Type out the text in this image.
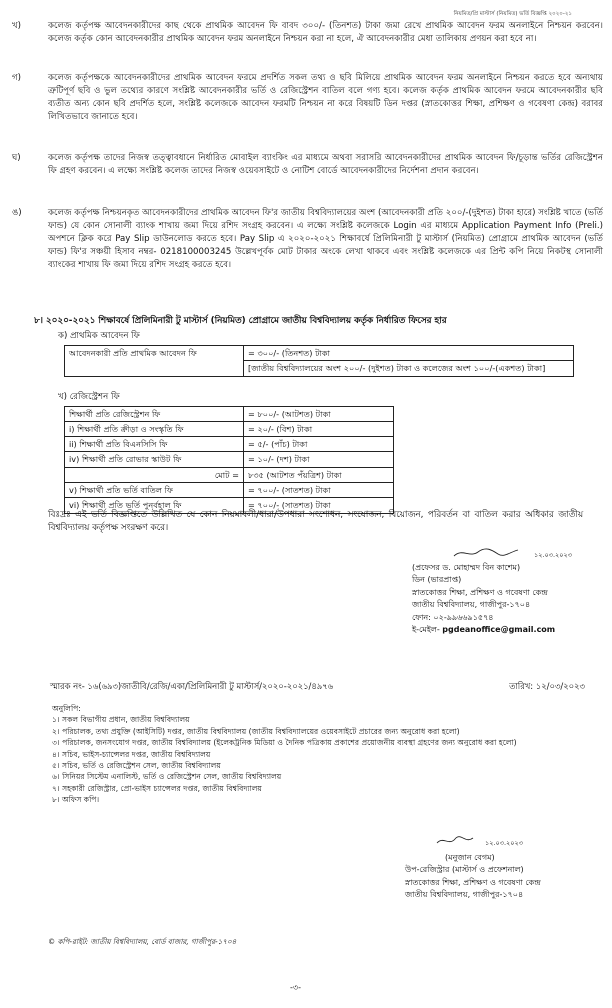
নিয়মিত/প্রি মাস্টার্স (নিয়মিত) ভর্তি বিজ্ঞপ্তি ২০২০-২১
খ)	কলেজ কর্তৃপক্ষ আবেদনকারীদের কাছ থেকে প্রাথমিক আবেদন ফি বাবদ ৩০০/- (তিনশত) টাকা জমা রেখে প্রাথমিক আবেদন ফরম অনলাইনে নিশ্চয়ন করবেন। কলেজ কর্তৃক কোন আবেদনকারীর প্রাথমিক আবেদন ফরম অনলাইনে নিশ্চয়ন করা না হলে, ঐ আবেদনকারীর মেধা তালিকায় প্রণয়ন করা হবে না।
গ)	কলেজ কর্তৃপক্ষকে আবেদনকারীদের প্রাথমিক আবেদন ফরমে প্রদর্শিত সকল তথ্য ও ছবি মিলিয়ে প্রাথমিক আবেদন ফরম অনলাইনে নিশ্চয়ন করতে হবে অন্যথায় ত্রুটিপূর্ণ ছবি ও ভুল তথ্যের কারণে সংশ্লিষ্ট আবেদনকারীর ভর্তি ও রেজিস্ট্রেশন বাতিল বলে গণ্য হবে। কলেজ কর্তৃক প্রাথমিক আবেদন ফরমে আবেদনকারীর ছবি ব্যতীত অন্য কোন ছবি প্রদর্শিত হলে, সংশ্লিষ্ট কলেজকে আবেদন ফরমটি নিশ্চয়ন না করে বিষয়টি ডিন দপ্তর (স্নাতকোত্তর শিক্ষা, প্রশিক্ষণ ও গবেষণা কেন্দ্র) বরাবর লিখিতভাবে জানাতে হবে।
ঘ)	কলেজ কর্তৃপক্ষ তাদের নিজস্ব তত্ত্বাবধানে নির্ধারিত মোবাইল ব্যাংকিং এর মাধ্যমে অথবা সরাসরি আবেদনকারীদের প্রাথমিক আবেদন ফি/চূড়ান্ত ভর্তির রেজিস্ট্রেশন ফি গ্রহণ করবেন। এ লক্ষ্যে সংশ্লিষ্ট কলেজ তাদের নিজস্ব ওয়েবসাইটে ও নোটিশ বোর্ডে আবেদনকারীদের নির্দেশনা প্রদান করবেন।
ঙ)	কলেজ কর্তৃপক্ষ নিশ্চয়নকৃত আবেদনকারীদের প্রাথমিক আবেদন ফি'র জাতীয় বিশ্ববিদ্যালয়ের অংশ (আবেদনকারী প্রতি ২০০/-(দুইশত) টাকা হারে) সংশ্লিষ্ট খাতে (ভর্তি ফান্ড) যে কোন সোনালী ব্যাংক শাখায় জমা দিয়ে রশিদ সংগ্রহ করবেন। এ লক্ষ্যে সংশ্লিষ্ট কলেজকে Login এর মাধ্যমে Application Payment Info (Preli.) অপশনে ক্লিক করে Pay Slip ডাউনলোড করতে হবে। Pay Slip এ ২০২০-২০২১ শিক্ষাবর্ষে প্রিলিমিনারী টু মাস্টার্স (নিয়মিত) প্রোগ্রামে প্রাথমিক আবেদন (ভর্তি ফান্ড) ফি'র সঞ্চয়ী হিসাব নম্বর- 0218100003245 উল্লেখপূর্বক মোট টাকার অংকে লেখা থাকবে এবং সংশ্লিষ্ট কলেজকে এর প্রিন্ট কপি নিয়ে নিকটস্থ সোনালী ব্যাংকের শাখায় ফি জমা দিয়ে রশিদ সংগ্রহ করতে হবে।
৮। ২০২০-২০২১ শিক্ষাবর্ষে প্রিলিমিনারী টু মাস্টার্স (নিয়মিত) প্রোগ্রামে জাতীয় বিশ্ববিদ্যালয় কর্তৃক নির্ধারিত ফিসের হার
ক) প্রাথমিক আবেদন ফি
আবেদনকারী প্রতি প্রাথমিক আবেদন ফি	= ৩০০/- (তিনশত) টাকা
[জাতীয় বিশ্ববিদ্যালয়ের অংশ ২০০/- (দুইশত) টাকা ও কলেজের অংশ ১০০/-(একশত) টাকা]
খ) রেজিস্ট্রেশন ফি
শিক্ষার্থী প্রতি রেজিস্ট্রেশন ফি	= ৮০০/- (আটশত) টাকা
i) শিক্ষার্থী প্রতি ক্রীড়া ও সংস্কৃতি ফি	= ২০/- (বিশ) টাকা
ii) শিক্ষার্থী প্রতি বিএনসিসি ফি	= ৫/- (পাঁচ) টাকা
iv) শিক্ষার্থী প্রতি রোভার স্কাউট ফি	= ১০/- (দশ) টাকা
মোট =	৮৩৫ (আটশত পঁয়ত্রিশ) টাকা
v) শিক্ষার্থী প্রতি ভর্তি বাতিল ফি	= ৭০০/- (সাতশত) টাকা
vi) শিক্ষার্থী প্রতি ভর্তি পুনর্বহাল ফি	= ৭০০/- (সাতশত) টাকা
বিঃদ্রঃ এই ভর্তি বিজ্ঞপ্তিতে উল্লিখিত যে কোন নিয়মাবলী/ধারা/উপধারা সংশোধন, সংযোজন, বিয়োজন, পরিবর্তন বা বাতিল করার অধিকার জাতীয় বিশ্ববিদ্যালয় কর্তৃপক্ষ সংরক্ষণ করে।
১২.০৩.২০২৩
(প্রফেসর ড. মোহাম্মদ বিন কাশেম)
ডিন (ভারপ্রাপ্ত)
স্নাতকোত্তর শিক্ষা, প্রশিক্ষণ ও গবেষণা কেন্দ্র
জাতীয় বিশ্ববিদ্যালয়, গাজীপুর-১৭০৪
ফোন: ০২-৯৯৬৬৯১৫৭৪
ই-মেইল- pgdeanoffice@gmail.com
স্মারক নং- ১৬(৬৯৩)জাতীবি/রেজি/একা/প্রিলিমিনারী টু মাস্টার্স/২০২০-২০২১/৪৯৭৬	তারিখ: ১২/০৩/২০২৩
অনুলিপি:
১। সকল বিভাগীয় প্রধান, জাতীয় বিশ্ববিদ্যালয়
২। পরিচালক, তথ্য প্রযুক্তি (আইসিটি) দপ্তর, জাতীয় বিশ্ববিদ্যালয় (জাতীয় বিশ্ববিদ্যালয়ের ওয়েবসাইটে প্রচারের জন্য অনুরোধ করা হলো)
৩। পরিচালক, জনসংযোগ দপ্তর, জাতীয় বিশ্ববিদ্যালয় (ইলেকট্রনিক মিডিয়া ও দৈনিক পত্রিকায় প্রকাশের প্রয়োজনীয় ব্যবস্থা গ্রহণের জন্য অনুরোধ করা হলো)
৪। সচিব, ভাইস-চ্যান্সেলর দপ্তর, জাতীয় বিশ্ববিদ্যালয়
৫। সচিব, ভর্তি ও রেজিস্ট্রেশন সেল, জাতীয় বিশ্ববিদ্যালয়
৬। সিনিয়র সিস্টেম এনালিস্ট, ভর্তি ও রেজিস্ট্রেশন সেল, জাতীয় বিশ্ববিদ্যালয়
৭। সহকারী রেজিস্ট্রার, প্রো-ভাইস চ্যান্সেলর দপ্তর, জাতীয় বিশ্ববিদ্যালয়
৮। অফিস কপি।
১২.০৩.২০২৩
(মনুজান বেগম)
উপ-রেজিস্ট্রার (মাস্টার্স ও প্রফেশনাল)
স্নাতকোত্তর শিক্ষা, প্রশিক্ষণ ও গবেষণা কেন্দ্র
জাতীয় বিশ্ববিদ্যালয়, গাজীপুর-১৭০৪
© কপি-রাইট: জাতীয় বিশ্ববিদ্যালয়, বোর্ড বাজার, গাজীপুর-১৭০৪
-৩-
